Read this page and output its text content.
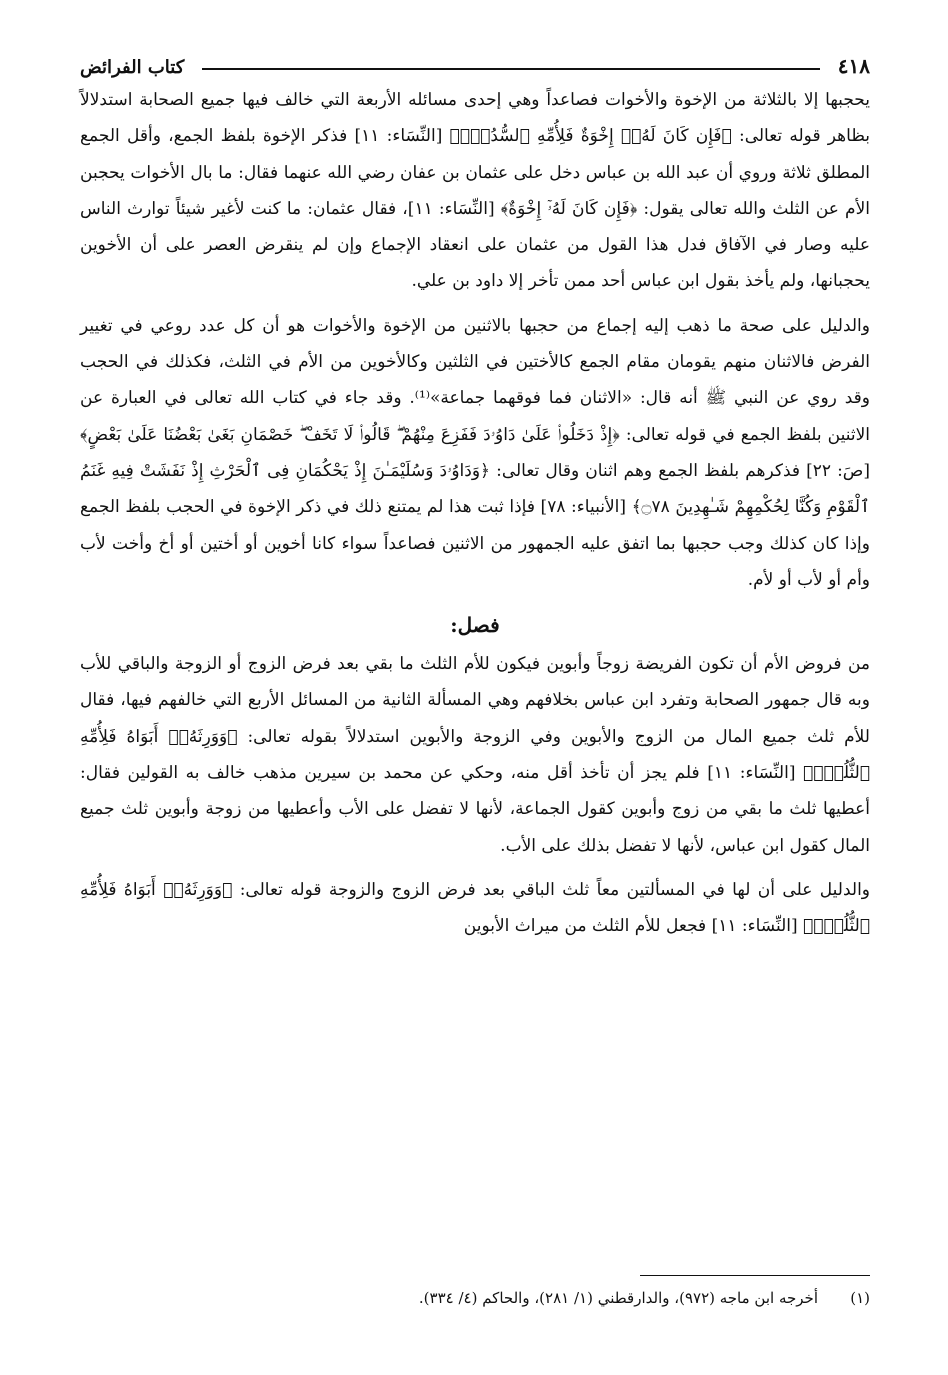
٤١٨
كتاب الفرائض

يحجبها إلا بالثلاثة من الإخوة والأخوات فصاعداً وهي إحدى مسائله الأربعة التي خالف فيها جميع الصحابة استدلالاً بظاهر قوله تعالى: ﴿فَإِن كَانَ لَهُۥٓ إِخْوَةٌ فَلِأُمِّهِ ٱلسُّدُسُۚ﴾ [النِّسَاء: ١١] فذكر الإخوة بلفظ الجمع، وأقل الجمع المطلق ثلاثة وروي أن عبد الله بن عباس دخل على عثمان بن عفان رضي الله عنهما فقال: ما بال الأخوات يحجبن الأم عن الثلث والله تعالى يقول: ﴿فَإِن كَانَ لَهُۥٓ إِخْوَةٌ﴾ [النِّسَاء: ١١]، فقال عثمان: ما كنت لأغير شيئاً توارث الناس عليه وصار في الآفاق فدل هذا القول من عثمان على انعقاد الإجماع وإن لم ينقرض العصر على أن الأخوين يحجبانها، ولم يأخذ بقول ابن عباس أحد ممن تأخر إلا داود بن علي.

والدليل على صحة ما ذهب إليه إجماع من حجبها بالاثنين من الإخوة والأخوات هو أن كل عدد روعي في تغيير الفرض فالاثنان منهم يقومان مقام الجمع كالأختين في الثلثين وكالأخوين من الأم في الثلث، فكذلك في الحجب وقد روي عن النبي ﷺ أنه قال: «الاثنان فما فوقهما جماعة»⁽¹⁾. وقد جاء في كتاب الله تعالى في العبارة عن الاثنين بلفظ الجمع في قوله تعالى: ﴿إِذْ دَخَلُوا۟ عَلَىٰ دَاوُۥدَ فَفَزِعَ مِنْهُمْ ۖ قَالُوا۟ لَا تَخَفْ ۖ خَصْمَانِ بَغَىٰ بَعْضُنَا عَلَىٰ بَعْضٍ﴾ [صَ: ٢٢] فذكرهم بلفظ الجمع وهم اثنان وقال تعالى: ﴿وَدَاوُۥدَ وَسُلَيْمَـٰنَ إِذْ يَحْكُمَانِ فِى ٱلْحَرْثِ إِذْ نَفَشَتْ فِيهِ غَنَمُ ٱلْقَوْمِ وَكُنَّا لِحُكْمِهِمْ شَـٰهِدِينَ ۝٧٨﴾ [الأنبياء: ٧٨] فإذا ثبت هذا لم يمتنع ذلك في ذكر الإخوة في الحجب بلفظ الجمع وإذا كان كذلك وجب حجبها بما اتفق عليه الجمهور من الاثنين فصاعداً سواء كانا أخوين أو أختين أو أخ وأخت لأب وأم أو لأب أو لأم.

فصل:

من فروض الأم أن تكون الفريضة زوجاً وأبوين فيكون للأم الثلث ما بقي بعد فرض الزوج أو الزوجة والباقي للأب وبه قال جمهور الصحابة وتفرد ابن عباس بخلافهم وهي المسألة الثانية من المسائل الأربع التي خالفهم فيها، فقال للأم ثلث جميع المال من الزوج والأبوين وفي الزوجة والأبوين استدلالاً بقوله تعالى: ﴿وَوَرِثَهُۥٓ أَبَوَاهُ فَلِأُمِّهِ ٱلثُّلُثُۚ﴾ [النِّسَاء: ١١] فلم يجز أن تأخذ أقل منه، وحكي عن محمد بن سيرين مذهب خالف به القولين فقال: أعطيها ثلث ما بقي من زوج وأبوين كقول الجماعة، لأنها لا تفضل على الأب وأعطيها من زوجة وأبوين ثلث جميع المال كقول ابن عباس، لأنها لا تفضل بذلك على الأب.

والدليل على أن لها في المسألتين معاً ثلث الباقي بعد فرض الزوج والزوجة قوله تعالى: ﴿وَوَرِثَهُۥٓ أَبَوَاهُ فَلِأُمِّهِ ٱلثُّلُثُۚ﴾ [النِّسَاء: ١١] فجعل للأم الثلث من ميراث الأبوين

(١)
أخرجه ابن ماجه (٩٧٢)، والدارقطني (١/ ٢٨١)، والحاكم (٤/ ٣٣٤).
